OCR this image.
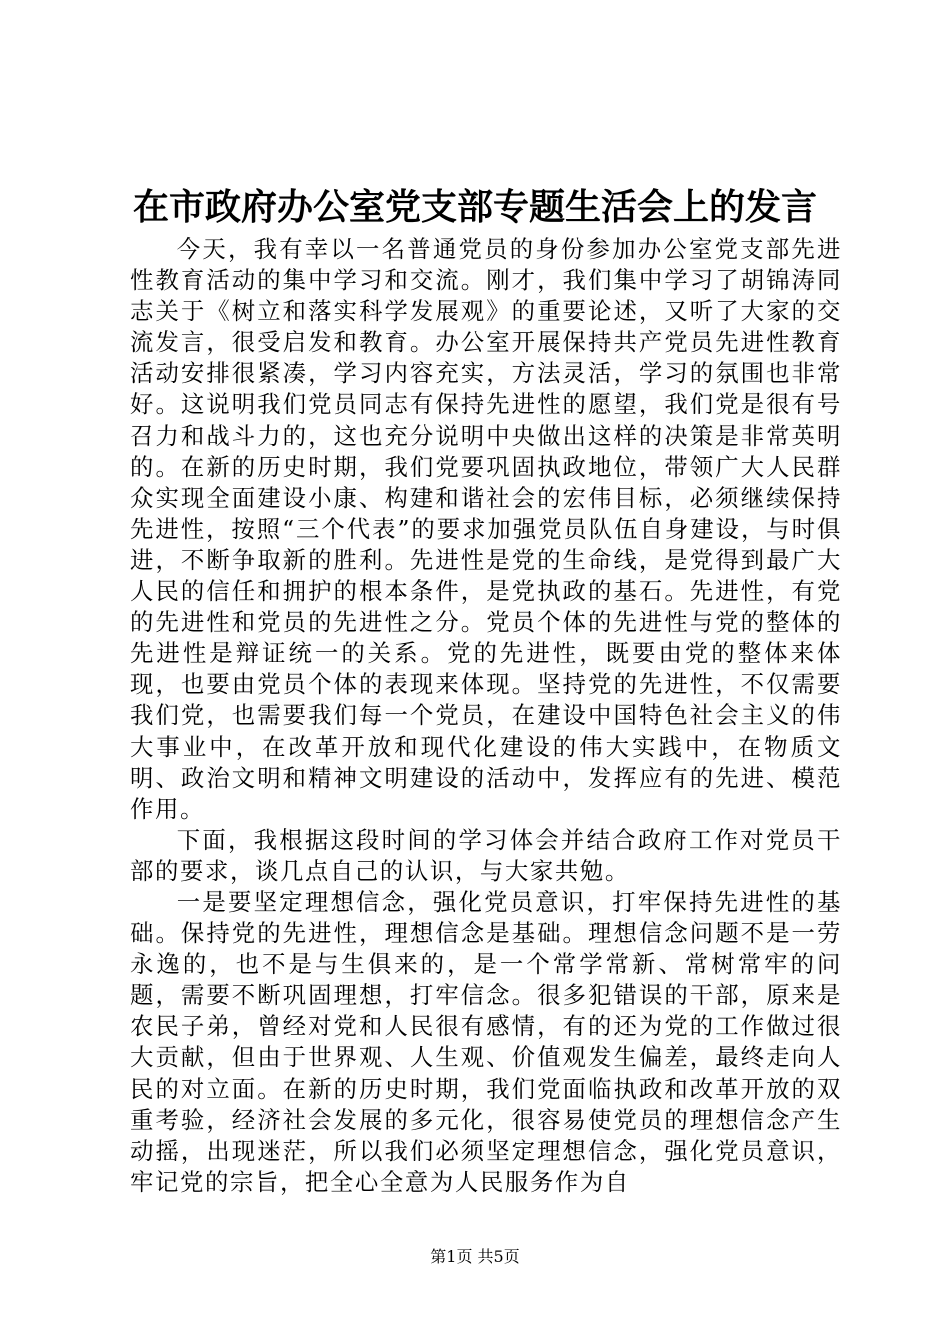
在市政府办公室党支部专题生活会上的发言

今天，我有幸以一名普通党员的身份参加办公室党支部先进性教育活动的集中学习和交流。刚才，我们集中学习了胡锦涛同志关于《树立和落实科学发展观》的重要论述，又听了大家的交流发言，很受启发和教育。办公室开展保持共产党员先进性教育活动安排很紧凑，学习内容充实，方法灵活，学习的氛围也非常好。这说明我们党员同志有保持先进性的愿望，我们党是很有号召力和战斗力的，这也充分说明中央做出这样的决策是非常英明的。在新的历史时期，我们党要巩固执政地位，带领广大人民群众实现全面建设小康、构建和谐社会的宏伟目标，必须继续保持先进性，按照“三个代表”的要求加强党员队伍自身建设，与时俱进，不断争取新的胜利。先进性是党的生命线，是党得到最广大人民的信任和拥护的根本条件，是党执政的基石。先进性，有党的先进性和党员的先进性之分。党员个体的先进性与党的整体的先进性是辩证统一的关系。党的先进性，既要由党的整体来体现，也要由党员个体的表现来体现。坚持党的先进性，不仅需要我们党，也需要我们每一个党员，在建设中国特色社会主义的伟大事业中，在改革开放和现代化建设的伟大实践中，在物质文明、政治文明和精神文明建设的活动中，发挥应有的先进、模范作用。

下面，我根据这段时间的学习体会并结合政府工作对党员干部的要求，谈几点自己的认识，与大家共勉。

一是要坚定理想信念，强化党员意识，打牢保持先进性的基础。保持党的先进性，理想信念是基础。理想信念问题不是一劳永逸的，也不是与生俱来的，是一个常学常新、常树常牢的问题，需要不断巩固理想，打牢信念。很多犯错误的干部，原来是农民子弟，曾经对党和人民很有感情，有的还为党的工作做过很大贡献，但由于世界观、人生观、价值观发生偏差，最终走向人民的对立面。在新的历史时期，我们党面临执政和改革开放的双重考验，经济社会发展的多元化，很容易使党员的理想信念产生动摇，出现迷茫，所以我们必须坚定理想信念，强化党员意识，牢记党的宗旨，把全心全意为人民服务作为自

第1页 共5页
